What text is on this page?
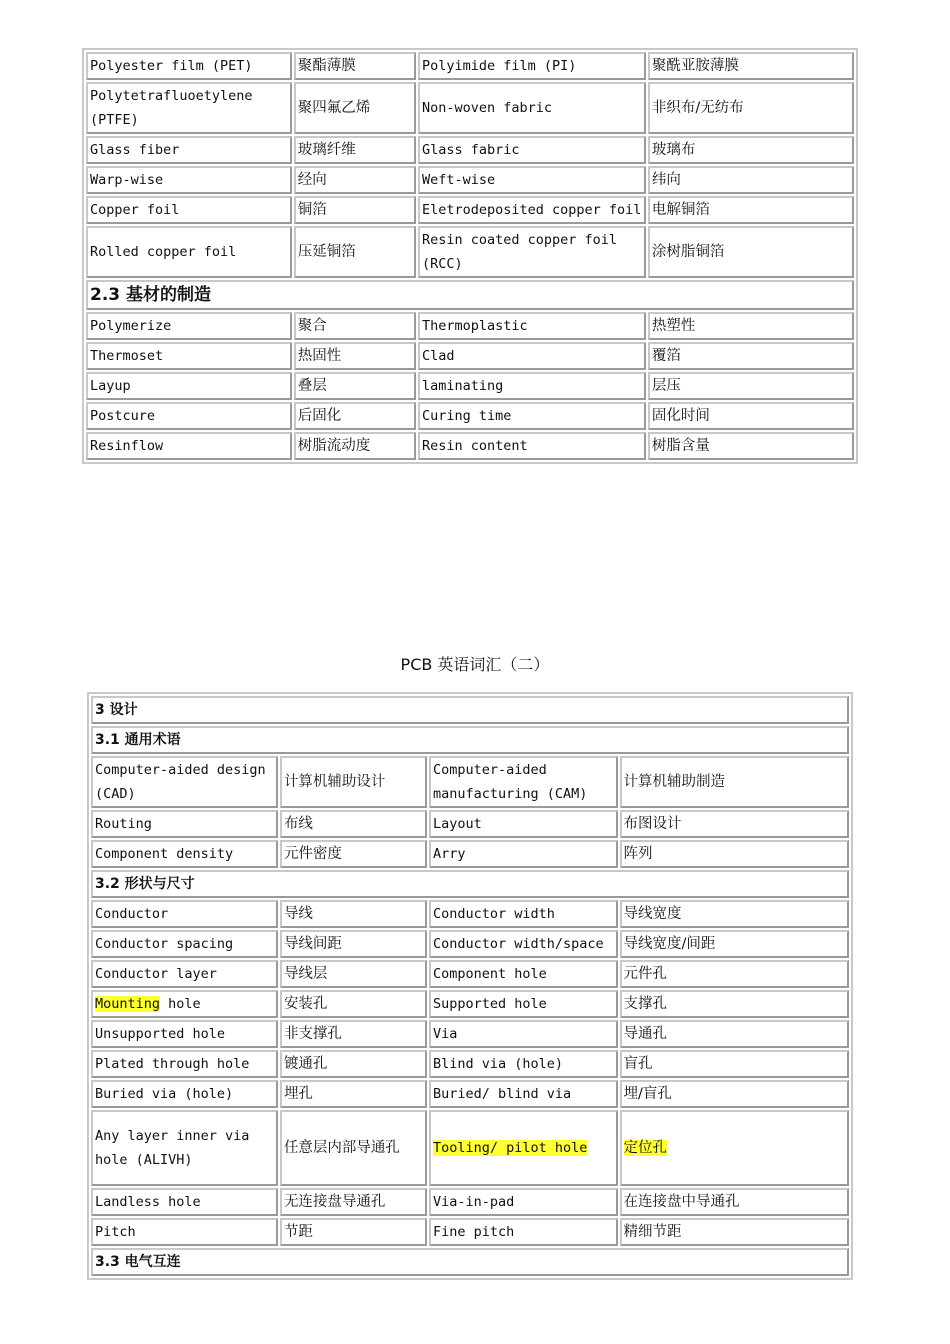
Polyester film (PET)	聚酯薄膜	Polyimide film (PI)	聚酰亚胺薄膜
Polytetrafluoetylene (PTFE)	聚四氟乙烯	Non-woven fabric	非织布/无纺布
Glass fiber	玻璃纤维	Glass fabric	玻璃布
Warp-wise	经向	Weft-wise	纬向
Copper foil	铜箔	Eletrodeposited copper foil	电解铜箔
Rolled copper foil	压延铜箔	Resin coated copper foil (RCC)	涂树脂铜箔
2.3 基材的制造			
Polymerize	聚合	Thermoplastic	热塑性
Thermoset	热固性	Clad	覆箔
Layup	叠层	laminating	层压
Postcure	后固化	Curing time	固化时间
Resinflow	树脂流动度	Resin content	树脂含量
PCB 英语词汇（二）
3 设计			
3.1 通用术语			
Computer-aided design (CAD)	计算机辅助设计	Computer-aided manufacturing (CAM)	计算机辅助制造
Routing	布线	Layout	布图设计
Component density	元件密度	Arry	阵列
3.2 形状与尺寸			
Conductor	导线	Conductor width	导线宽度
Conductor spacing	导线间距	Conductor width/space	导线宽度/间距
Conductor layer	导线层	Component hole	元件孔
Mounting hole	安装孔	Supported hole	支撑孔
Unsupported hole	非支撑孔	Via	导通孔
Plated through hole	镀通孔	Blind via (hole)	盲孔
Buried via (hole)	埋孔	Buried/ blind via	埋/盲孔
Any layer inner via hole (ALIVH)	任意层内部导通孔	Tooling/ pilot hole	定位孔
Landless hole	无连接盘导通孔	Via-in-pad	在连接盘中导通孔
Pitch	节距	Fine pitch	精细节距
3.3 电气互连			
